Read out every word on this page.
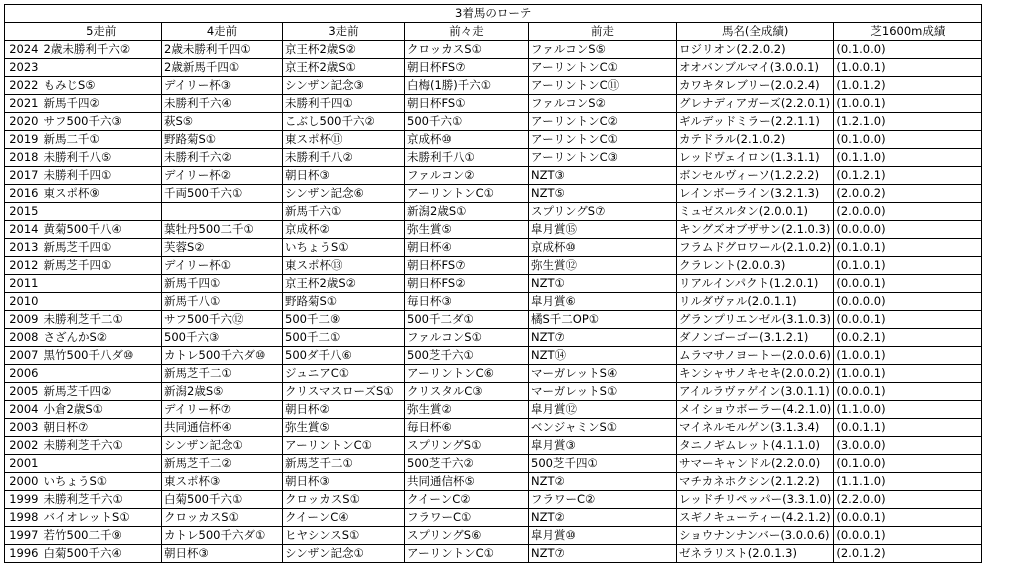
3着馬のローテ							
	5走前	4走前	3走前	前々走	前走	馬名(全成績)	芝1600m成績
2024	2歳未勝利千六②	2歳未勝利千四①	京王杯2歳S②	クロッカスS①	ファルコンS⑤	ロジリオン(2.2.0.2)	(0.1.0.0)
2023		2歳新馬千四①	京王杯2歳S①	朝日杯FS⑦	アーリントンC①	オオバンブルマイ(3.0.0.1)	(1.0.0.1)
2022	もみじS⑤	デイリー杯③	シンザン記念③	白梅(1勝)千六①	アーリントンC⑪	カワキタレブリー(2.0.2.4)	(1.0.1.2)
2021	新馬千四②	未勝利千六④	未勝利千四①	朝日杯FS①	ファルコンS②	グレナディアガーズ(2.2.0.1)	(1.0.0.1)
2020	サフ500千六③	萩S⑤	こぶし500千六②	500千六①	アーリントンC②	ギルデッドミラー(2.2.1.1)	(1.2.1.0)
2019	新馬二千①	野路菊S①	東スポ杯⑪	京成杯⑩	アーリントンC①	カテドラル(2.1.0.2)	(0.1.0.0)
2018	未勝利千八⑤	未勝利千六②	未勝利千八②	未勝利千八①	アーリントンC③	レッドヴェイロン(1.3.1.1)	(0.1.1.0)
2017	未勝利千四①	デイリー杯②	朝日杯③	ファルコン②	NZT③	ボンセルヴィーソ(1.2.2.2)	(0.1.2.1)
2016	東スポ杯⑨	千両500千六①	シンザン記念⑥	アーリントンC①	NZT⑤	レインボーライン(3.2.1.3)	(2.0.0.2)
2015			新馬千六①	新潟2歳S①	スプリングS⑦	ミュゼスルタン(2.0.0.1)	(2.0.0.0)
2014	黄菊500千八④	葉牡丹500二千①	京成杯②	弥生賞⑤	皐月賞⑮	キングズオブザサン(2.1.0.3)	(0.0.0.0)
2013	新馬芝千四①	芙蓉S②	いちょうS①	朝日杯④	京成杯⑩	フラムドグロワール(2.1.0.2)	(0.1.0.1)
2012	新馬芝千四①	デイリー杯①	東スポ杯⑬	朝日杯FS⑦	弥生賞⑫	クラレント(2.0.0.3)	(0.1.0.1)
2011		新馬千四①	京王杯2歳S②	朝日杯FS②	NZT①	リアルインパクト(1.2.0.1)	(0.0.0.1)
2010		新馬千八①	野路菊S①	毎日杯③	皐月賞⑥	リルダヴァル(2.0.1.1)	(0.0.0.0)
2009	未勝利芝千二①	サフ500千六⑫	500千二⑨	500千二ダ①	橘S千二OP①	グランプリエンゼル(3.1.0.3)	(0.0.0.1)
2008	さざんかS②	500千六③	500千二①	ファルコンS①	NZT⑦	ダノンゴーゴー(3.1.2.1)	(0.0.2.1)
2007	黒竹500千八ダ⑩	カトレ500千六ダ⑩	500ダ千八⑥	500芝千六①	NZT⑭	ムラマサノヨートー(2.0.0.6)	(1.0.0.1)
2006		新馬芝千二①	ジュニアC①	アーリントンC⑥	マーガレットS④	キンシャサノキセキ(2.0.0.2)	(1.0.0.1)
2005	新馬芝千四②	新潟2歳S⑤	クリスマスローズS①	クリスタルC③	マーガレットS①	アイルラヴァゲイン(3.0.1.1)	(0.0.0.1)
2004	小倉2歳S①	デイリー杯⑦	朝日杯②	弥生賞②	皐月賞⑫	メイショウボーラー(4.2.1.0)	(1.1.0.0)
2003	朝日杯⑦	共同通信杯④	弥生賞⑤	毎日杯⑥	ベンジャミンS①	マイネルモルゲン(3.1.3.4)	(0.0.1.1)
2002	未勝利芝千六①	シンザン記念①	アーリントンC①	スプリングS①	皐月賞③	タニノギムレット(4.1.1.0)	(3.0.0.0)
2001		新馬芝千二②	新馬芝千二①	500芝千六②	500芝千四①	サマーキャンドル(2.2.0.0)	(0.1.0.0)
2000	いちょうS①	東スポ杯③	朝日杯③	共同通信杯⑤	NZT②	マチカネホクシン(2.1.2.2)	(1.1.1.0)
1999	未勝利芝千六①	白菊500千六①	クロッカスS①	クイーンC②	フラワーC②	レッドチリペッパー(3.3.1.0)	(2.2.0.0)
1998	バイオレットS①	クロッカスS①	クイーンC④	フラワーC①	NZT②	スギノキューティー(4.2.1.2)	(0.0.0.1)
1997	若竹500二千⑨	カトレ500千六ダ①	ヒヤシンスS①	スプリングS⑥	皐月賞⑩	ショウナンナンバー(3.0.0.6)	(0.0.0.1)
1996	白菊500千六④	朝日杯③	シンザン記念①	アーリントンC①	NZT⑦	ゼネラリスト(2.0.1.3)	(2.0.1.2)
